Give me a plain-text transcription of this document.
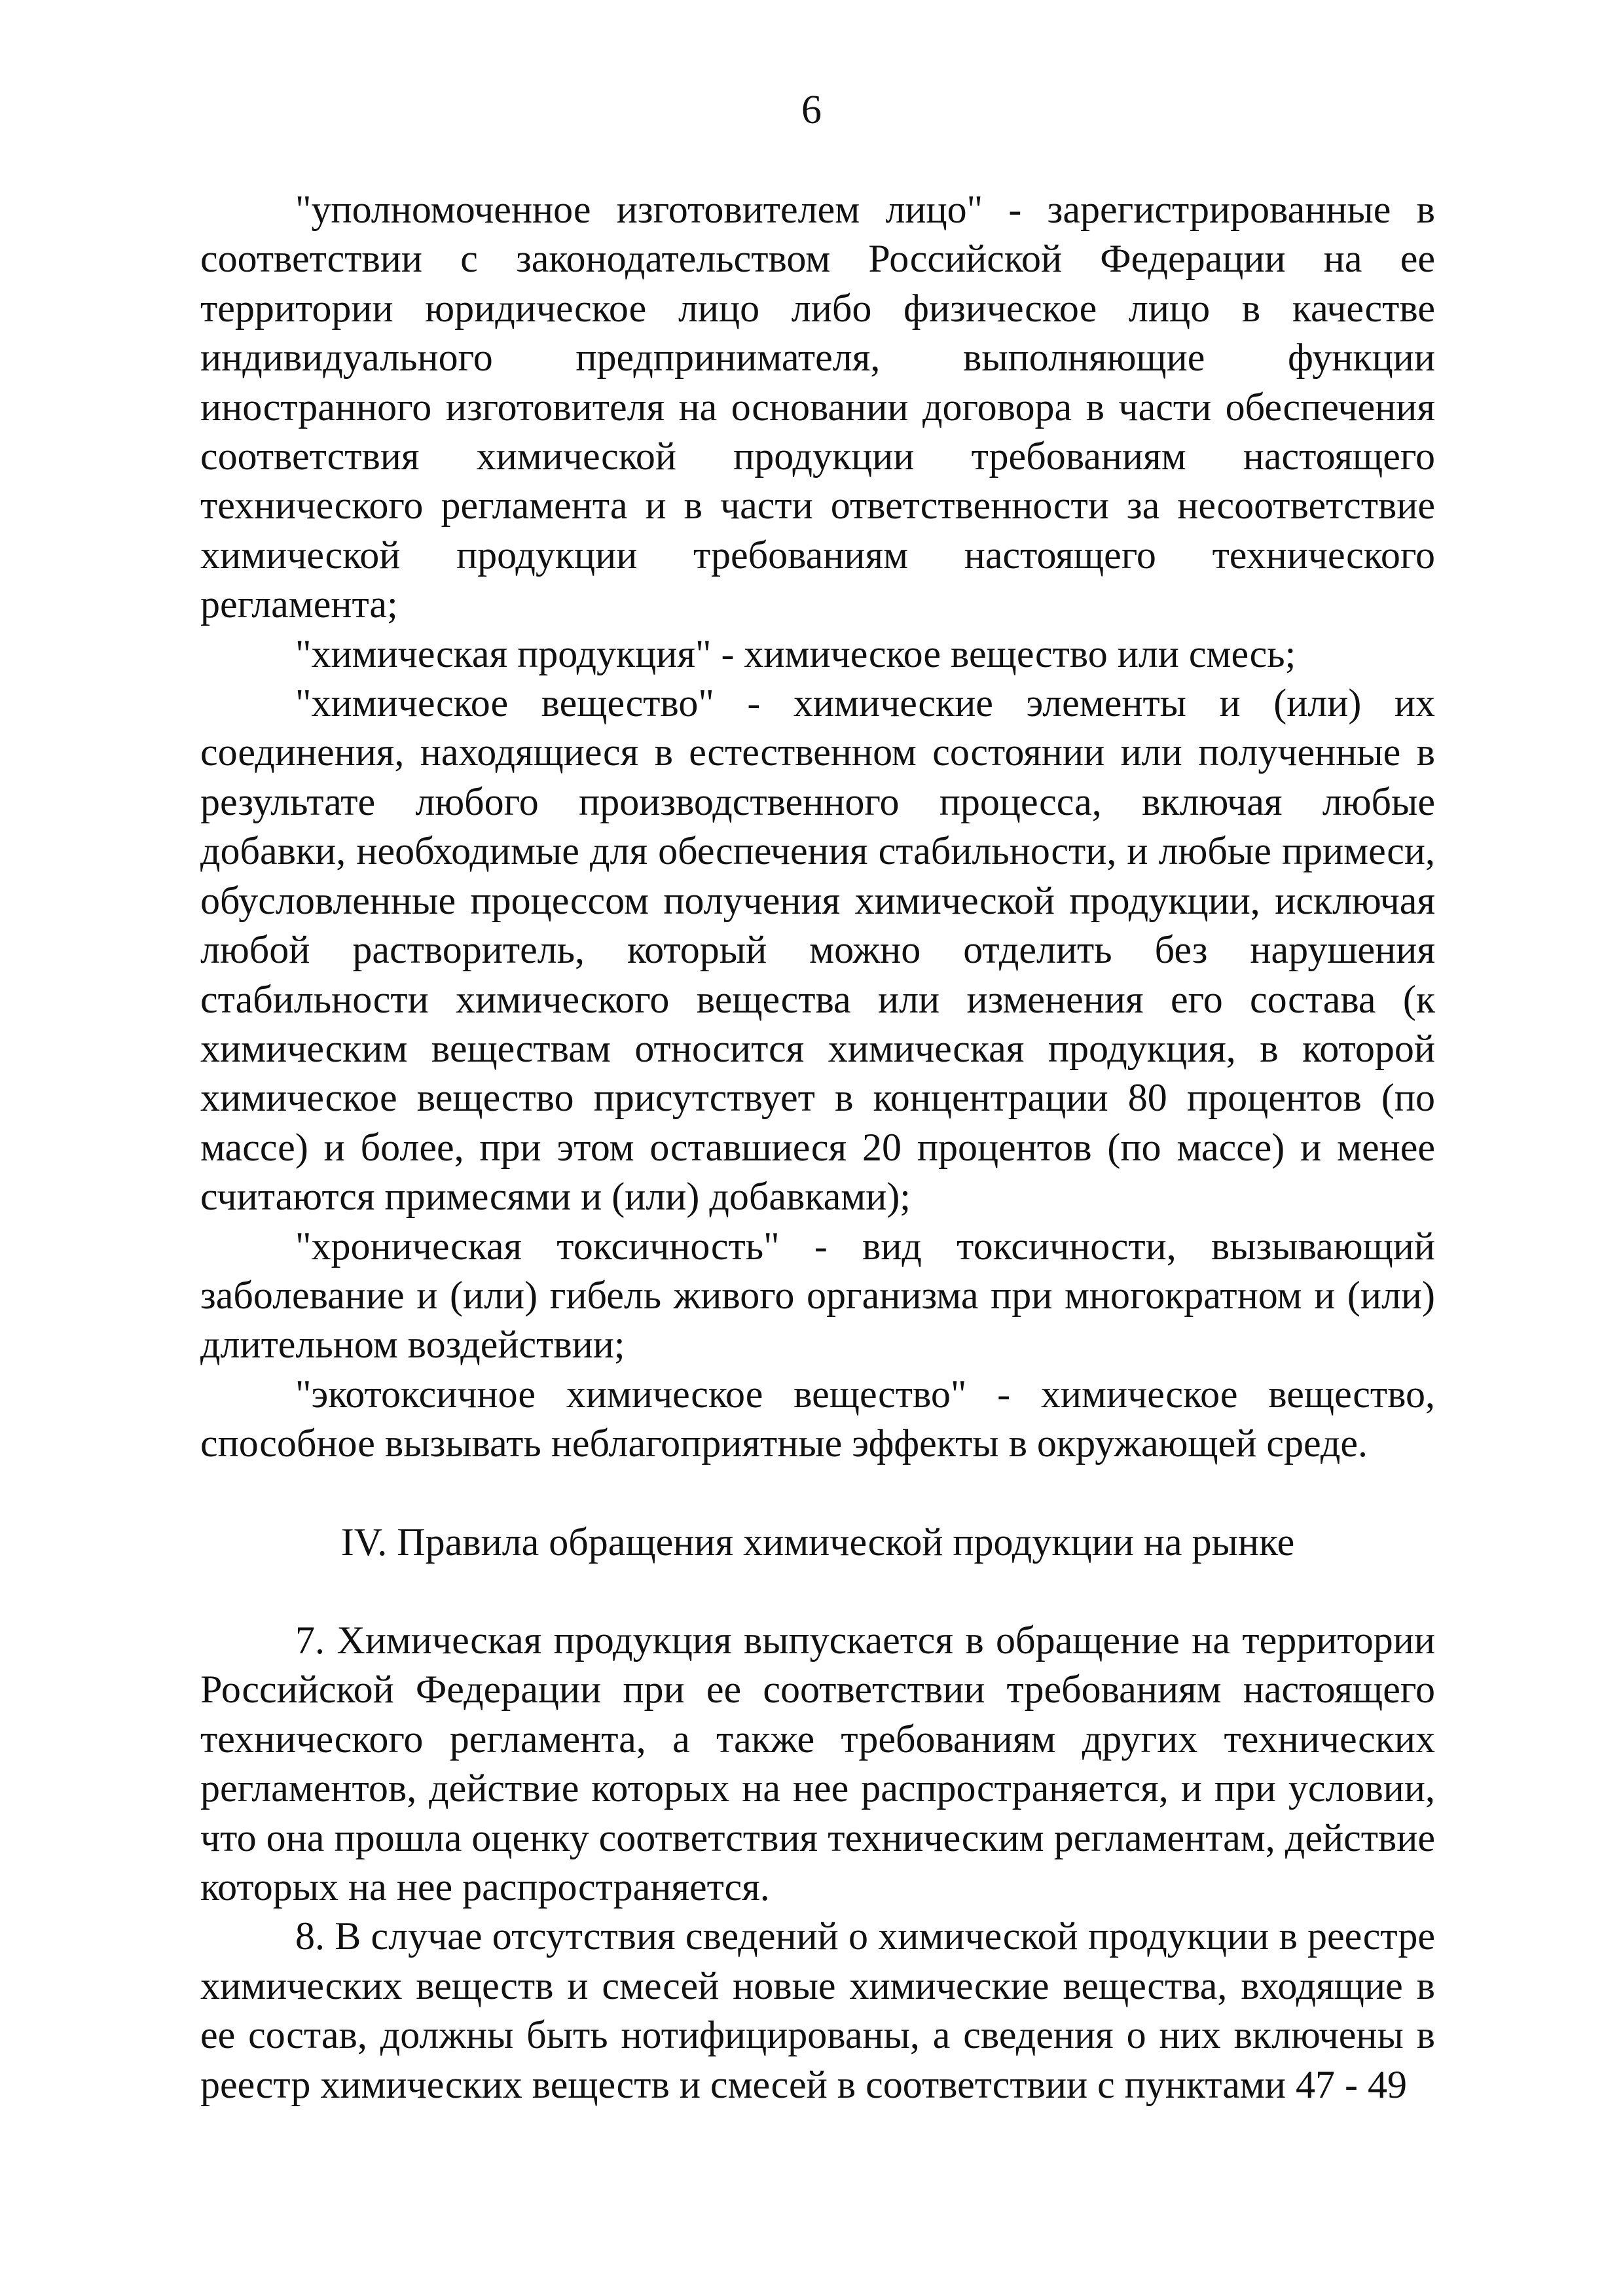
6

"уполномоченное изготовителем лицо" - зарегистрированные в соответствии с законодательством Российской Федерации на ее территории юридическое лицо либо физическое лицо в качестве индивидуального предпринимателя, выполняющие функции иностранного изготовителя на основании договора в части обеспечения соответствия химической продукции требованиям настоящего технического регламента и в части ответственности за несоответствие химической продукции требованиям настоящего технического регламента;

"химическая продукция" - химическое вещество или смесь;

"химическое вещество" - химические элементы и (или) их соединения, находящиеся в естественном состоянии или полученные в результате любого производственного процесса, включая любые добавки, необходимые для обеспечения стабильности, и любые примеси, обусловленные процессом получения химической продукции, исключая любой растворитель, который можно отделить без нарушения стабильности химического вещества или изменения его состава (к химическим веществам относится химическая продукция, в которой химическое вещество присутствует в концентрации 80 процентов (по массе) и более, при этом оставшиеся 20 процентов (по массе) и менее считаются примесями и (или) добавками);

"хроническая токсичность" - вид токсичности, вызывающий заболевание и (или) гибель живого организма при многократном и (или) длительном воздействии;

"экотоксичное химическое вещество" - химическое вещество, способное вызывать неблагоприятные эффекты в окружающей среде.

IV. Правила обращения химической продукции на рынке

7. Химическая продукция выпускается в обращение на территории Российской Федерации при ее соответствии требованиям настоящего технического регламента, а также требованиям других технических регламентов, действие которых на нее распространяется, и при условии, что она прошла оценку соответствия техническим регламентам, действие которых на нее распространяется.

8. В случае отсутствия сведений о химической продукции в реестре химических веществ и смесей новые химические вещества, входящие в ее состав, должны быть нотифицированы, а сведения о них включены в реестр химических веществ и смесей в соответствии с пунктами 47 - 49
